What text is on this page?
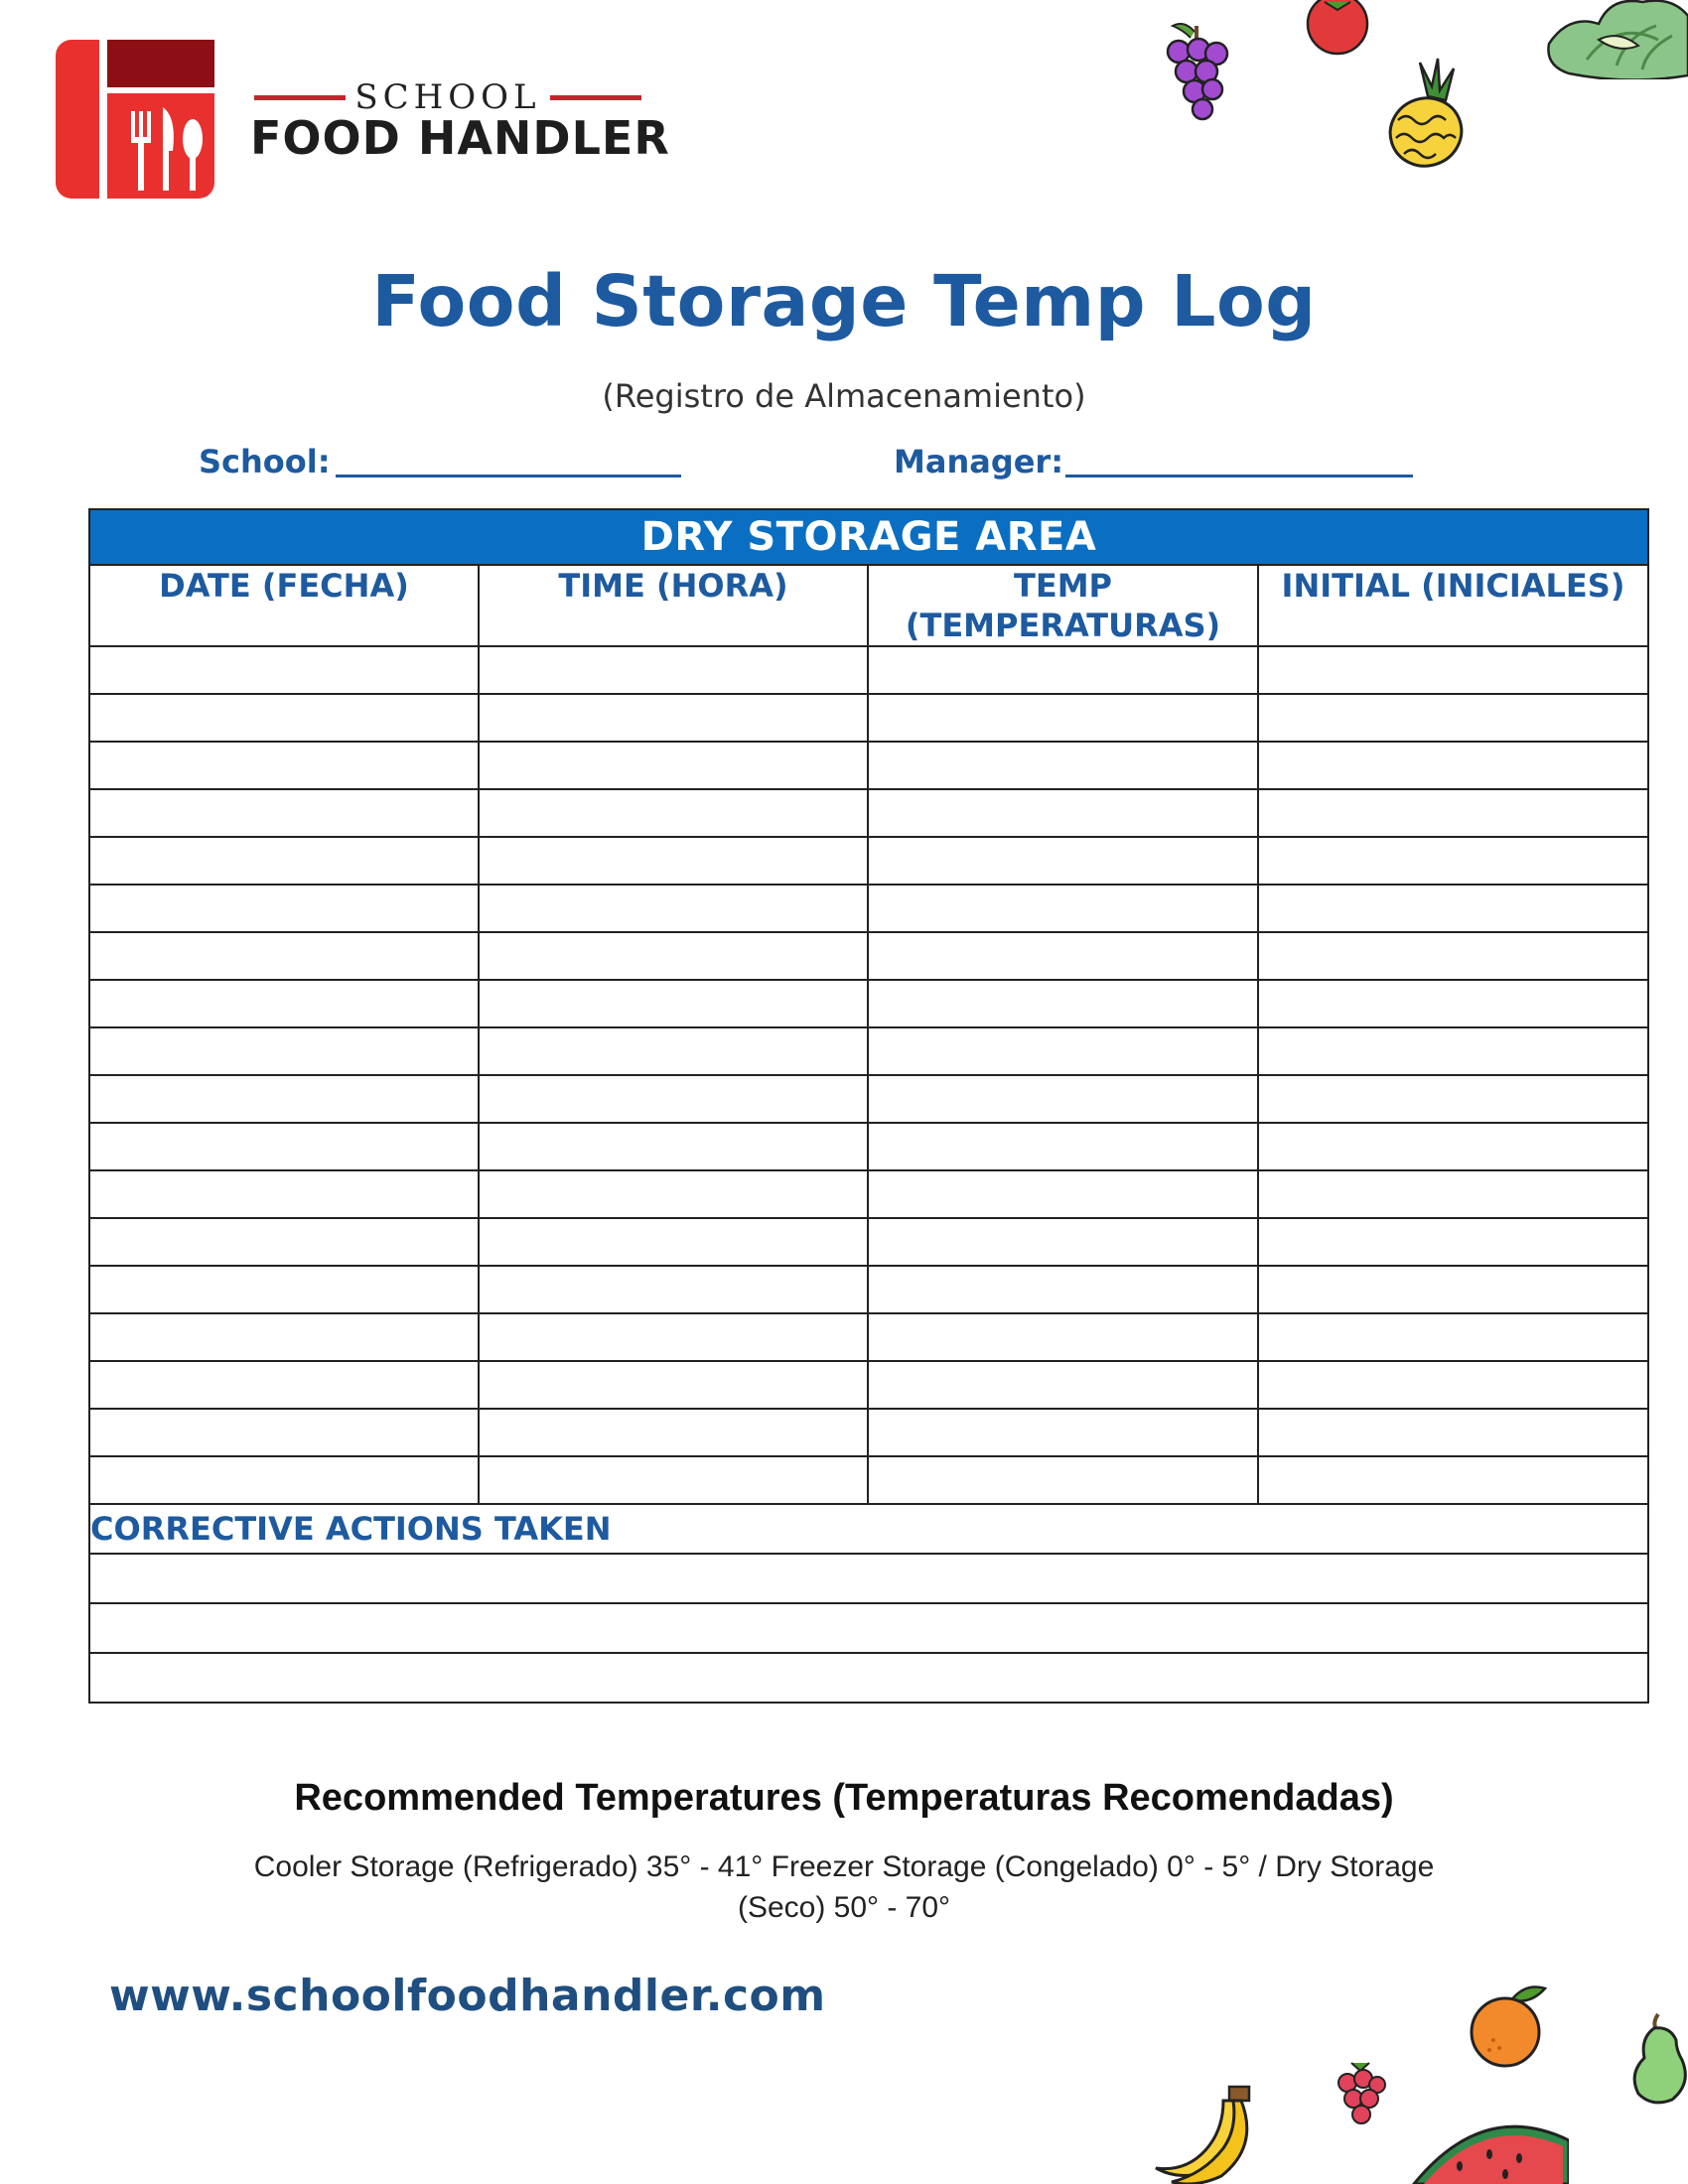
SCHOOL
FOOD HANDLER
Food Storage Temp Log
(Registro de Almacenamiento)
School:	Manager:
DRY STORAGE AREA			
DATE (FECHA)	TIME (HORA)	TEMP (TEMPERATURAS)	INITIAL (INICIALES)

CORRECTIVE ACTIONS TAKEN			

Recommended Temperatures (Temperaturas Recomendadas)
Cooler Storage (Refrigerado) 35° - 41° Freezer Storage (Congelado) 0° - 5° / Dry Storage (Seco) 50° - 70°
www.schoolfoodhandler.com
